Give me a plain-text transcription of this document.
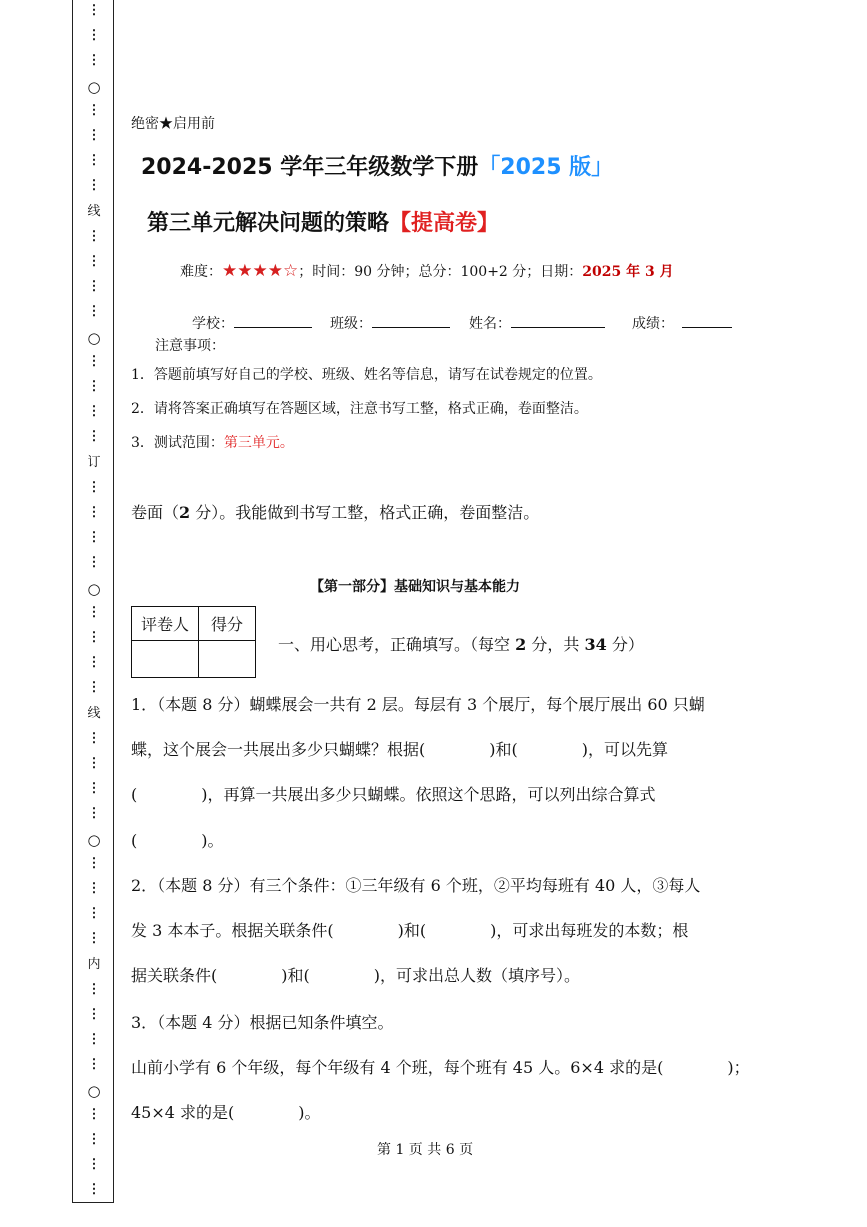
⋮
⋮
⋮
○
⋮
⋮
⋮
⋮
线
⋮
⋮
⋮
⋮
○
⋮
⋮
⋮
⋮
订
⋮
⋮
⋮
⋮
○
⋮
⋮
⋮
⋮
线
⋮
⋮
⋮
⋮
○
⋮
⋮
⋮
⋮
内
⋮
⋮
⋮
⋮
○
⋮
⋮
⋮
⋮
绝密★启用前
2024-2025 学年三年级数学下册「2025 版」
第三单元解决问题的策略【提高卷】
难度：★★★★☆；时间：90 分钟；总分：100+2 分；日期：2025 年 3 月
学校：	班级：	姓名：	成绩：
注意事项：
1．答题前填写好自己的学校、班级、姓名等信息，请写在试卷规定的位置。
2．请将答案正确填写在答题区域，注意书写工整，格式正确，卷面整洁。
3．测试范围：第三单元。
卷面（2 分）。我能做到书写工整，格式正确，卷面整洁。
【第一部分】基础知识与基本能力
评卷人	得分

一、用心思考，正确填写。（每空 2 分，共 34 分）
1．（本题 8 分）蝴蝶展会一共有 2 层。每层有 3 个展厅，每个展厅展出 60 只蝴
蝶，这个展会一共展出多少只蝴蝶？根据(　　　　)和(　　　　)，可以先算
(　　　　)，再算一共展出多少只蝴蝶。依照这个思路，可以列出综合算式
(　　　　)。
2．（本题 8 分）有三个条件：①三年级有 6 个班，②平均每班有 40 人，③每人
发 3 本本子。根据关联条件(　　　　)和(　　　　)，可求出每班发的本数；根
据关联条件(　　　　)和(　　　　)，可求出总人数（填序号）。
3．（本题 4 分）根据已知条件填空。
山前小学有 6 个年级，每个年级有 4 个班，每个班有 45 人。6×4 求的是(　　　　)；
45×4 求的是(　　　　)。
第 1 页 共 6 页
